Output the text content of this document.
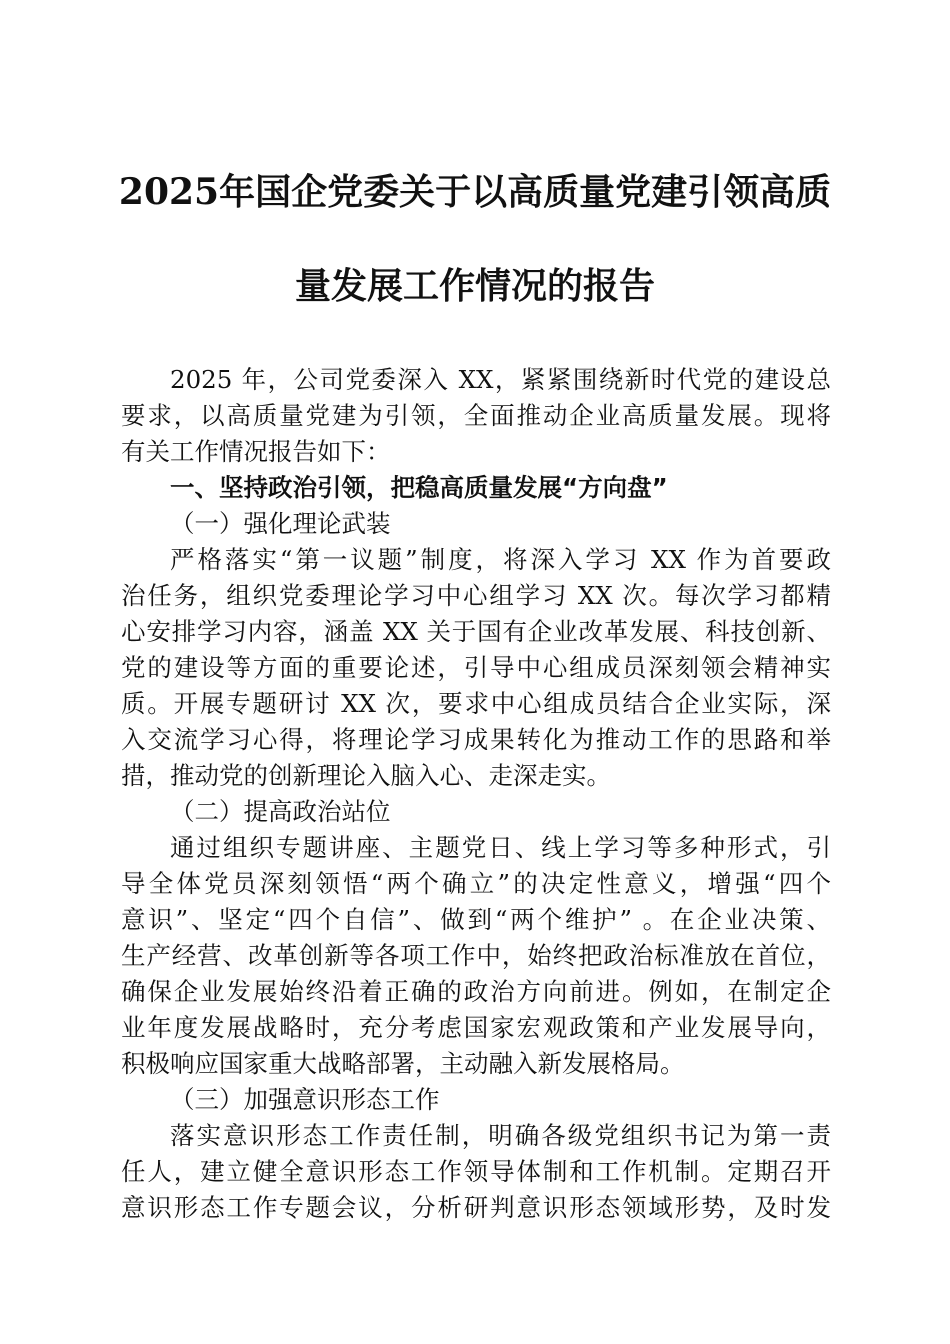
2025年国企党委关于以高质量党建引领高质
量发展工作情况的报告
2025 年，公司党委深入 XX，紧紧围绕新时代党的建设总
要求，以高质量党建为引领，全面推动企业高质量发展。现将
有关工作情况报告如下：
一、坚持政治引领，把稳高质量发展“方向盘”
（一）强化理论武装
严格落实“第一议题”制度，将深入学习 XX 作为首要政
治任务，组织党委理论学习中心组学习 XX 次。每次学习都精
心安排学习内容，涵盖 XX 关于国有企业改革发展、科技创新、
党的建设等方面的重要论述，引导中心组成员深刻领会精神实
质。开展专题研讨 XX 次，要求中心组成员结合企业实际，深
入交流学习心得，将理论学习成果转化为推动工作的思路和举
措，推动党的创新理论入脑入心、走深走实。
（二）提高政治站位
通过组织专题讲座、主题党日、线上学习等多种形式，引
导全体党员深刻领悟“两个确立”的决定性意义，增强“四个
意识”、坚定“四个自信”、做到“两个维护” 。在企业决策、
生产经营、改革创新等各项工作中，始终把政治标准放在首位，
确保企业发展始终沿着正确的政治方向前进。例如，在制定企
业年度发展战略时，充分考虑国家宏观政策和产业发展导向，
积极响应国家重大战略部署，主动融入新发展格局。
（三）加强意识形态工作
落实意识形态工作责任制，明确各级党组织书记为第一责
任人，建立健全意识形态工作领导体制和工作机制。定期召开
意识形态工作专题会议，分析研判意识形态领域形势，及时发
